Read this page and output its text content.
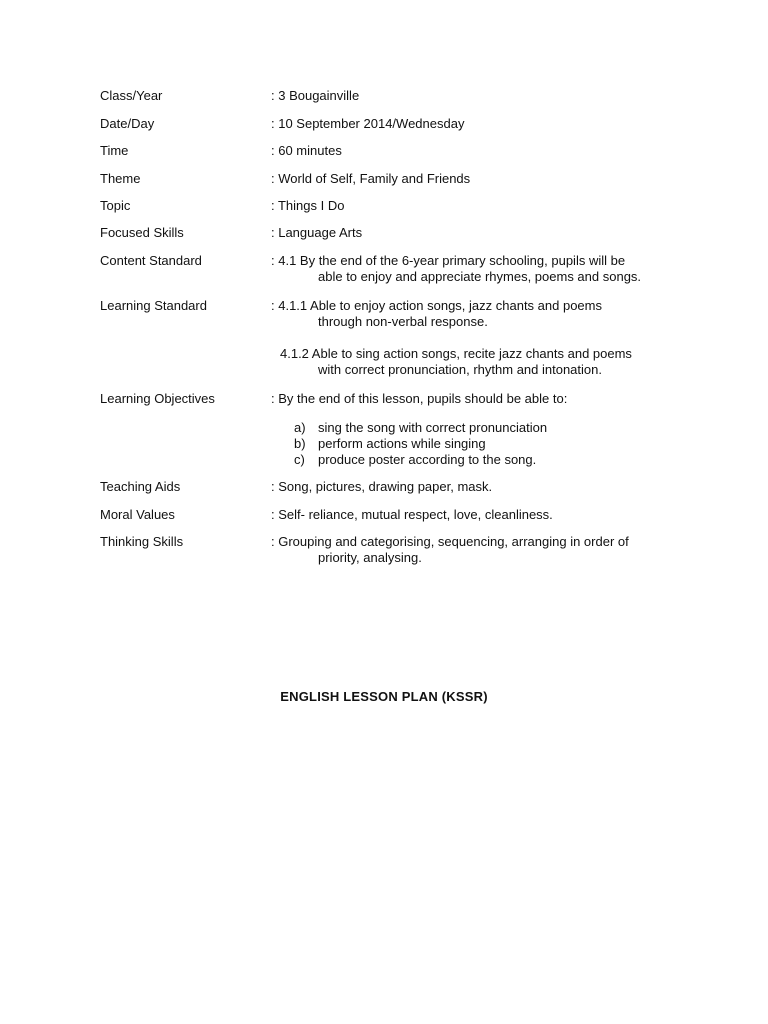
Class/Year	: 3 Bougainville
Date/Day	: 10 September 2014/Wednesday
Time	: 60 minutes
Theme	: World of Self, Family and Friends
Topic	: Things I Do
Focused Skills	: Language Arts
Content Standard	: 4.1 By the end of the 6-year primary schooling, pupils will be
able to enjoy and appreciate rhymes, poems and songs.
Learning Standard	: 4.1.1 Able to enjoy action songs, jazz chants and poems
through non-verbal response.
4.1.2 Able to sing action songs, recite jazz chants and poems
with correct pronunciation, rhythm and intonation.
Learning Objectives	: By the end of this lesson, pupils should be able to:
a) sing the song with correct pronunciation
b) perform actions while singing
c)	produce poster according to the song.
Teaching Aids	: Song, pictures, drawing paper, mask.
Moral Values	: Self- reliance, mutual respect, love, cleanliness.
Thinking Skills	: Grouping and categorising, sequencing, arranging in order of
priority, analysing.
ENGLISH LESSON PLAN (KSSR)
